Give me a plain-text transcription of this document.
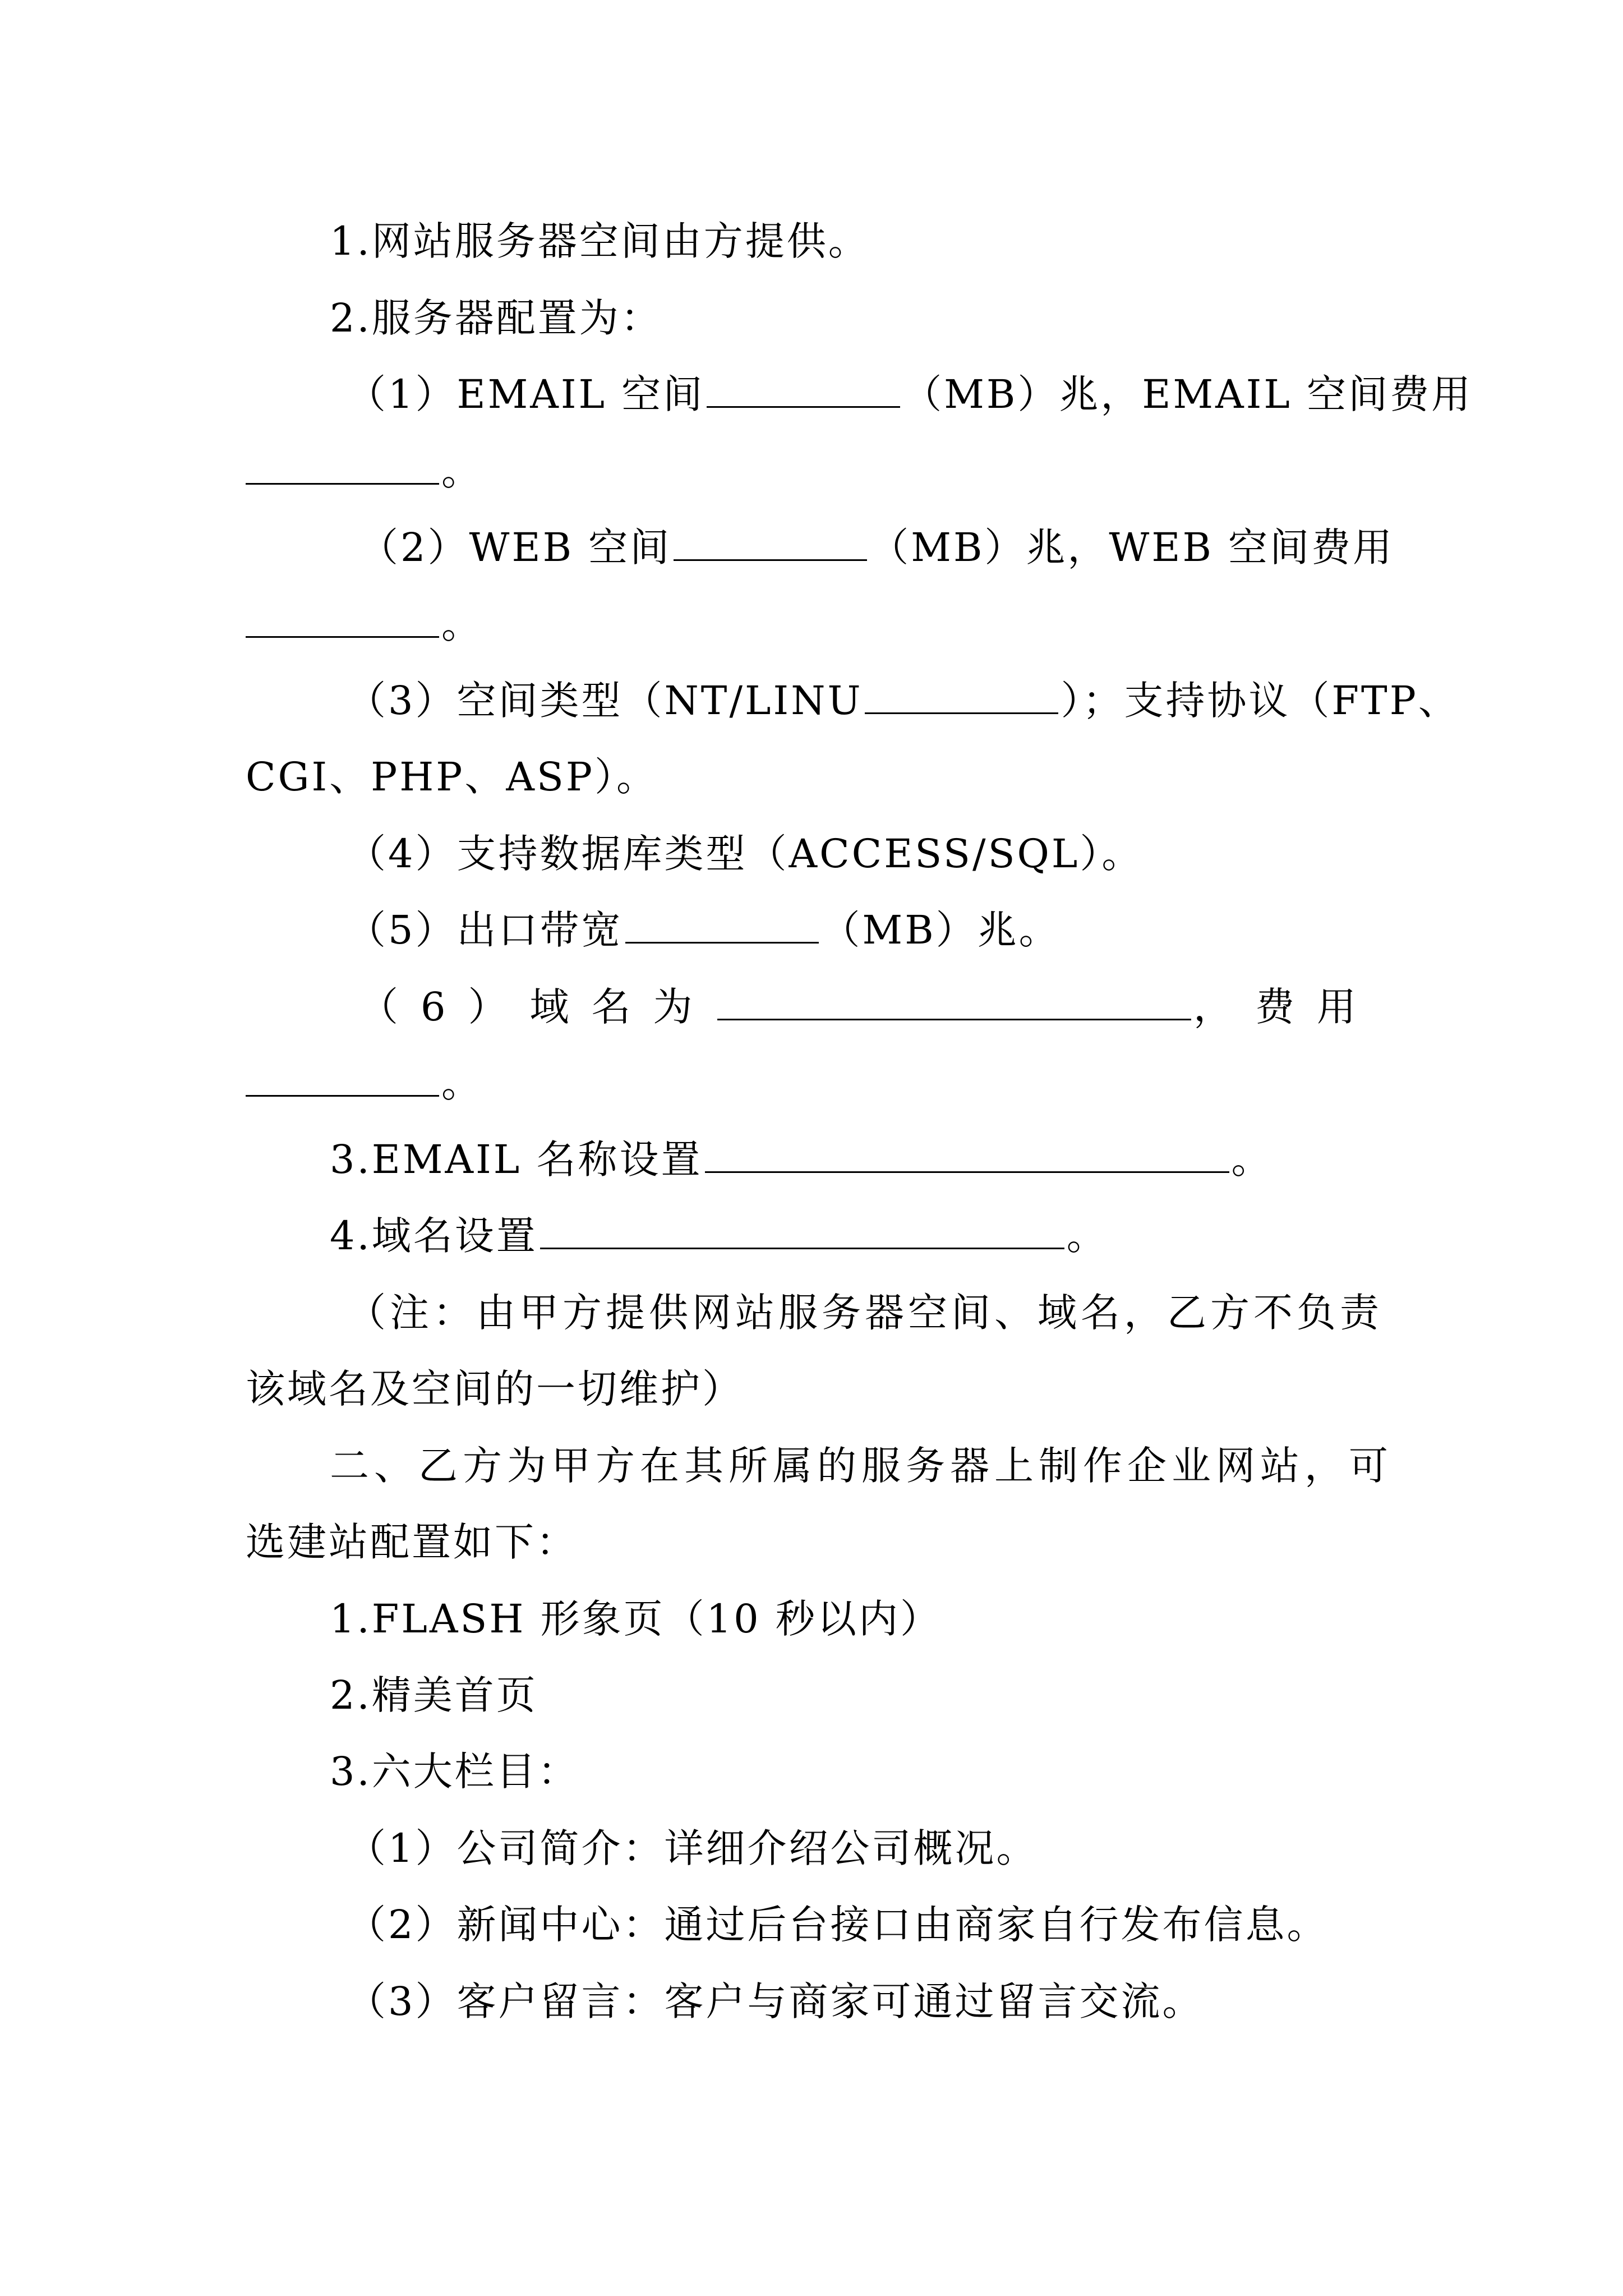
1.网站服务器空间由方提供。
2.服务器配置为：
（1）EMAIL 空间	（MB）兆，EMAIL 空间费用
。
（2）WEB 空间	（MB）兆，WEB 空间费用
。
（3）空间类型（NT/LINU	）；支持协议（FTP、
CGI、PHP、ASP）。
（4）支持数据库类型（ACCESS/SQL）。
（5）出口带宽	（MB）兆。
（6）域名为	，费用
。
3.EMAIL 名称设置	。
4.域名设置	。
（注：由甲方提供网站服务器空间、域名，乙方不负责
该域名及空间的一切维护）
二、乙方为甲方在其所属的服务器上制作企业网站，可
选建站配置如下：
1.FLASH 形象页（10 秒以内）
2.精美首页
3.六大栏目：
（1）公司简介：详细介绍公司概况。
（2）新闻中心：通过后台接口由商家自行发布信息。
（3）客户留言：客户与商家可通过留言交流。
